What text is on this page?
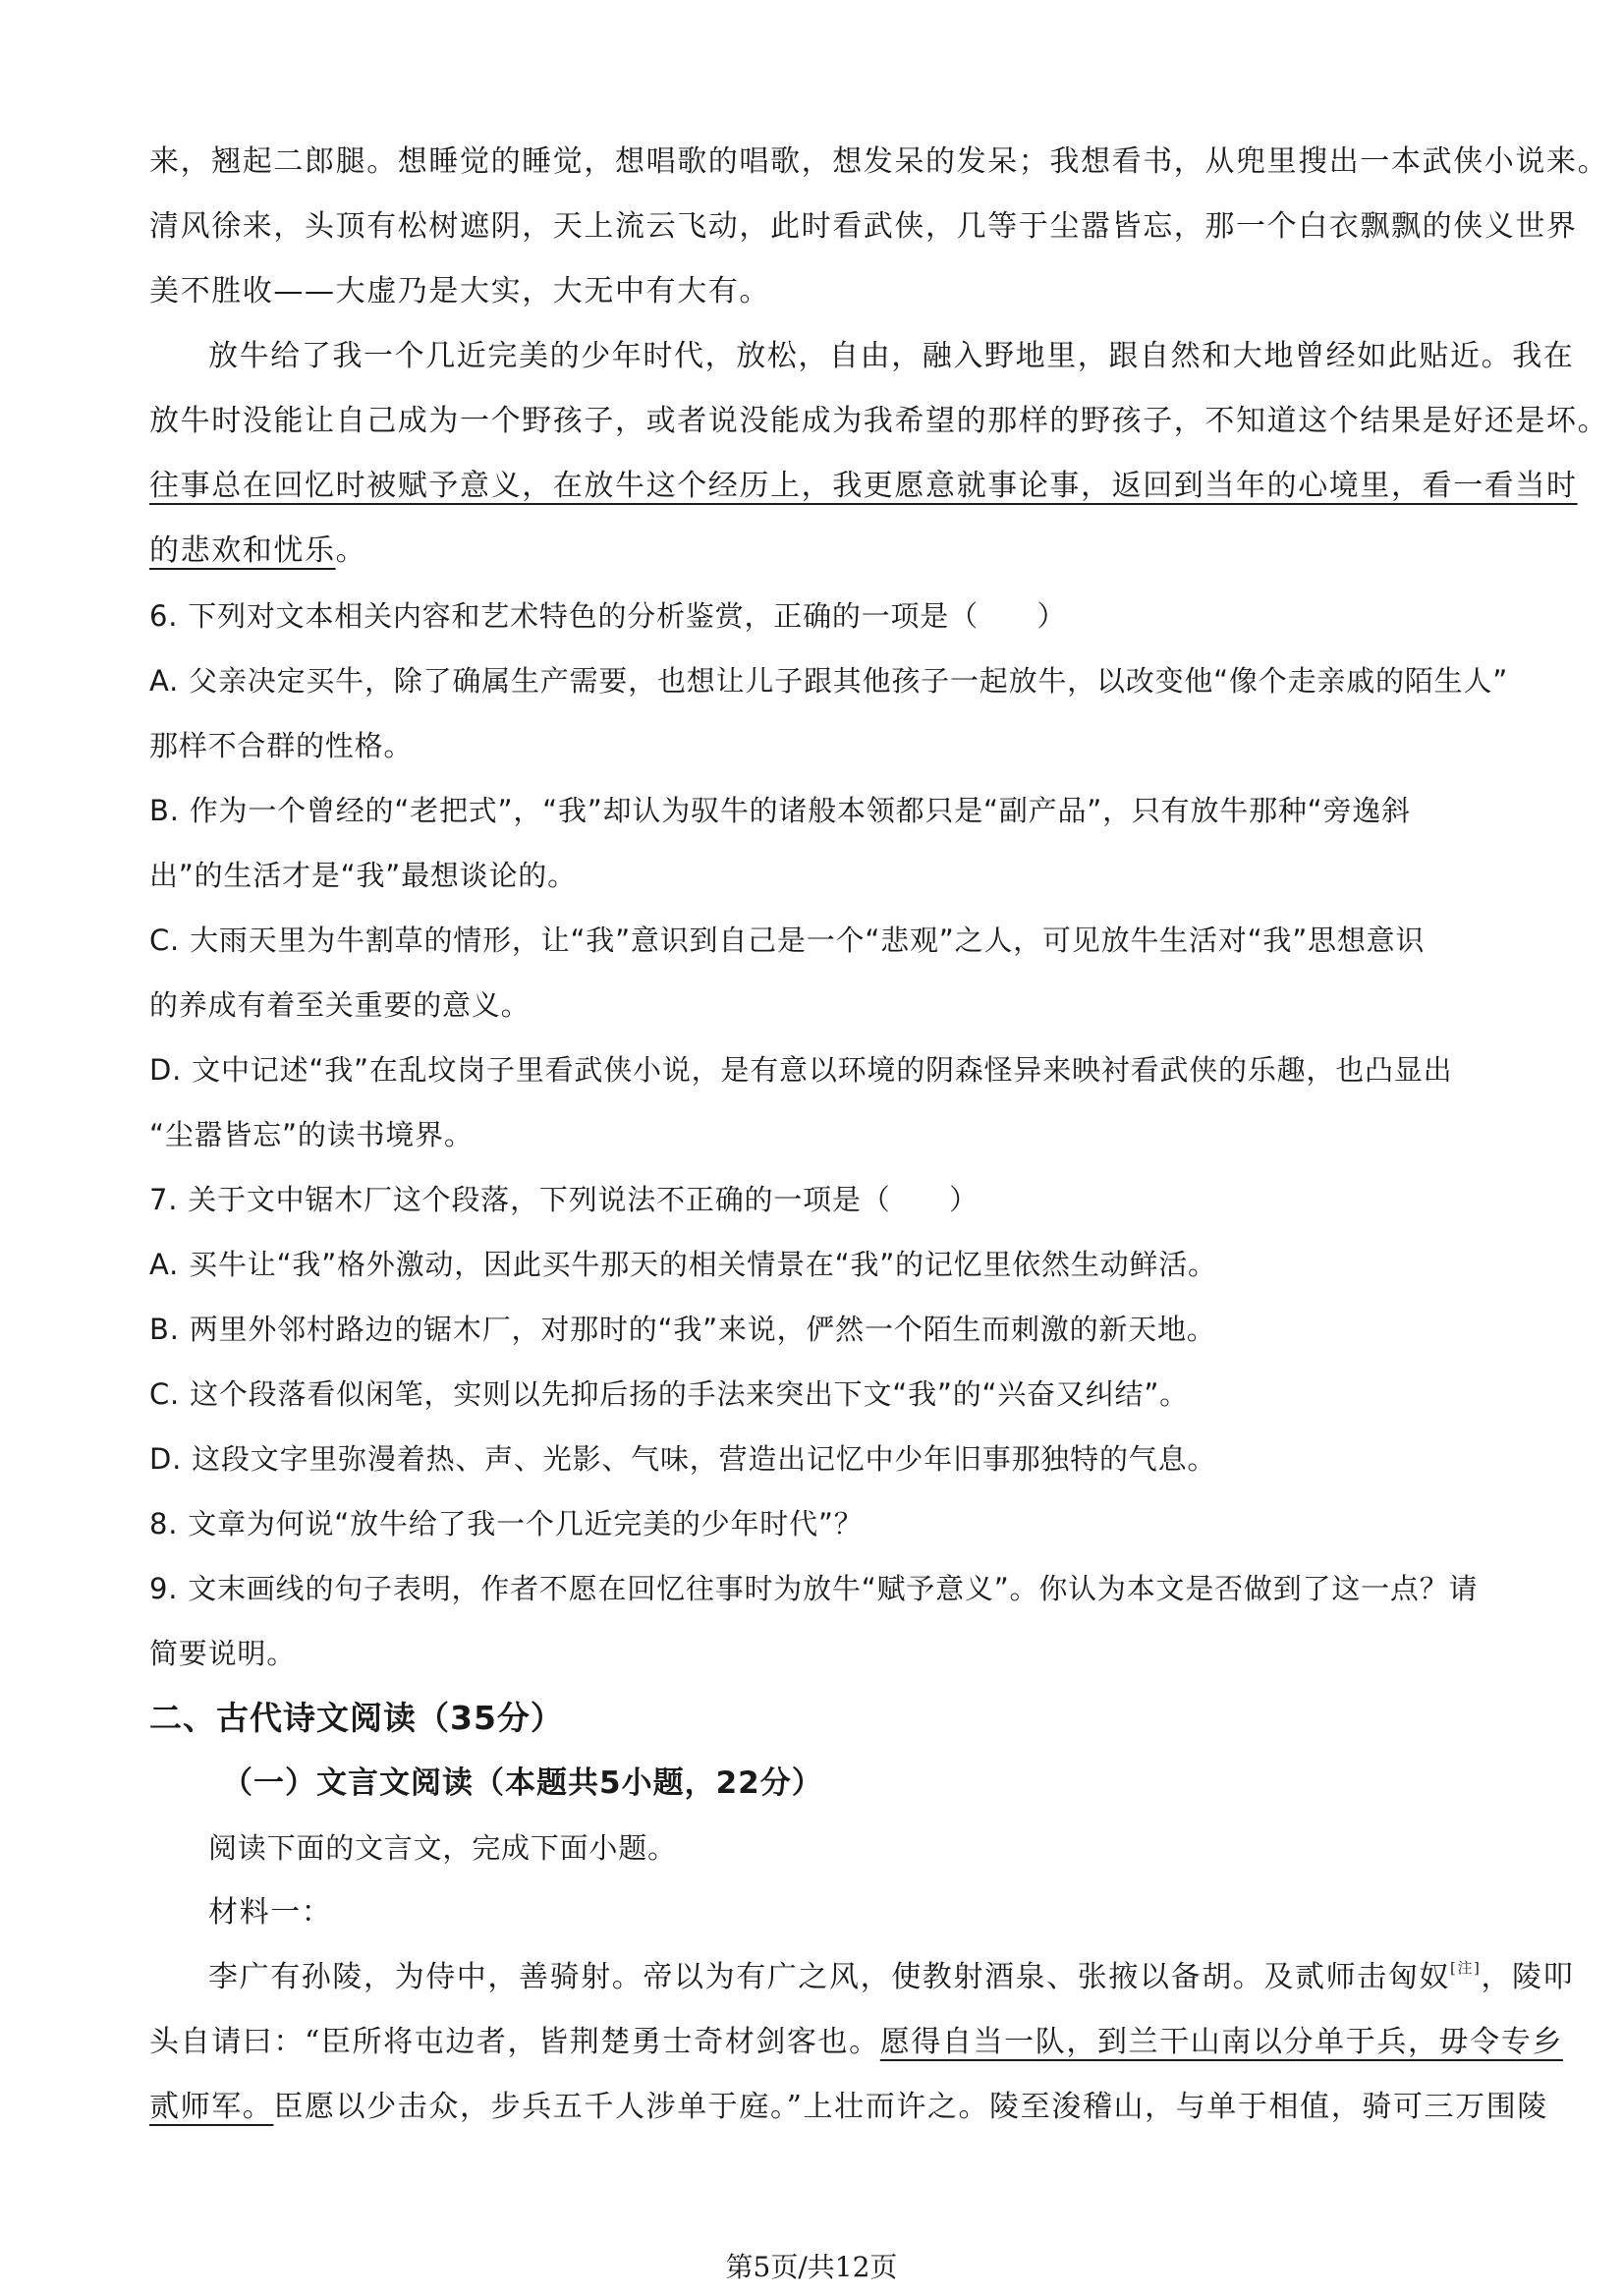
来，翘起二郎腿。想睡觉的睡觉，想唱歌的唱歌，想发呆的发呆；我想看书，从兜里搜出一本武侠小说来。
清风徐来，头顶有松树遮阴，天上流云飞动，此时看武侠，几等于尘嚣皆忘，那一个白衣飘飘的侠义世界
美不胜收——大虚乃是大实，大无中有大有。
放牛给了我一个几近完美的少年时代，放松，自由，融入野地里，跟自然和大地曾经如此贴近。我在
放牛时没能让自己成为一个野孩子，或者说没能成为我希望的那样的野孩子，不知道这个结果是好还是坏。
往事总在回忆时被赋予意义，在放牛这个经历上，我更愿意就事论事，返回到当年的心境里，看一看当时
的悲欢和忧乐。
6. 下列对文本相关内容和艺术特色的分析鉴赏，正确的一项是（　　）
A. 父亲决定买牛，除了确属生产需要，也想让儿子跟其他孩子一起放牛，以改变他“像个走亲戚的陌生人”
那样不合群的性格。
B. 作为一个曾经的“老把式”，“我”却认为驭牛的诸般本领都只是“副产品”，只有放牛那种“旁逸斜
出”的生活才是“我”最想谈论的。
C. 大雨天里为牛割草的情形，让“我”意识到自己是一个“悲观”之人，可见放牛生活对“我”思想意识
的养成有着至关重要的意义。
D. 文中记述“我”在乱坟岗子里看武侠小说，是有意以环境的阴森怪异来映衬看武侠的乐趣，也凸显出
“尘嚣皆忘”的读书境界。
7. 关于文中锯木厂这个段落，下列说法不正确的一项是（　　）
A. 买牛让“我”格外激动，因此买牛那天的相关情景在“我”的记忆里依然生动鲜活。
B. 两里外邻村路边的锯木厂，对那时的“我”来说，俨然一个陌生而刺激的新天地。
C. 这个段落看似闲笔，实则以先抑后扬的手法来突出下文“我”的“兴奋又纠结”。
D. 这段文字里弥漫着热、声、光影、气味，营造出记忆中少年旧事那独特的气息。
8. 文章为何说“放牛给了我一个几近完美的少年时代”？
9. 文末画线的句子表明，作者不愿在回忆往事时为放牛“赋予意义”。你认为本文是否做到了这一点？请
简要说明。
二、古代诗文阅读（35分）
（一）文言文阅读（本题共5小题，22分）
阅读下面的文言文，完成下面小题。
材料一：
李广有孙陵，为侍中，善骑射。帝以为有广之风，使教射酒泉、张掖以备胡。及贰师击匈奴[注]，陵叩
头自请曰：“臣所将屯边者，皆荆楚勇士奇材剑客也。愿得自当一队，到兰干山南以分单于兵，毋令专乡
贰师军。臣愿以少击众，步兵五千人涉单于庭。”上壮而许之。陵至浚稽山，与单于相值，骑可三万围陵
第5页/共12页
